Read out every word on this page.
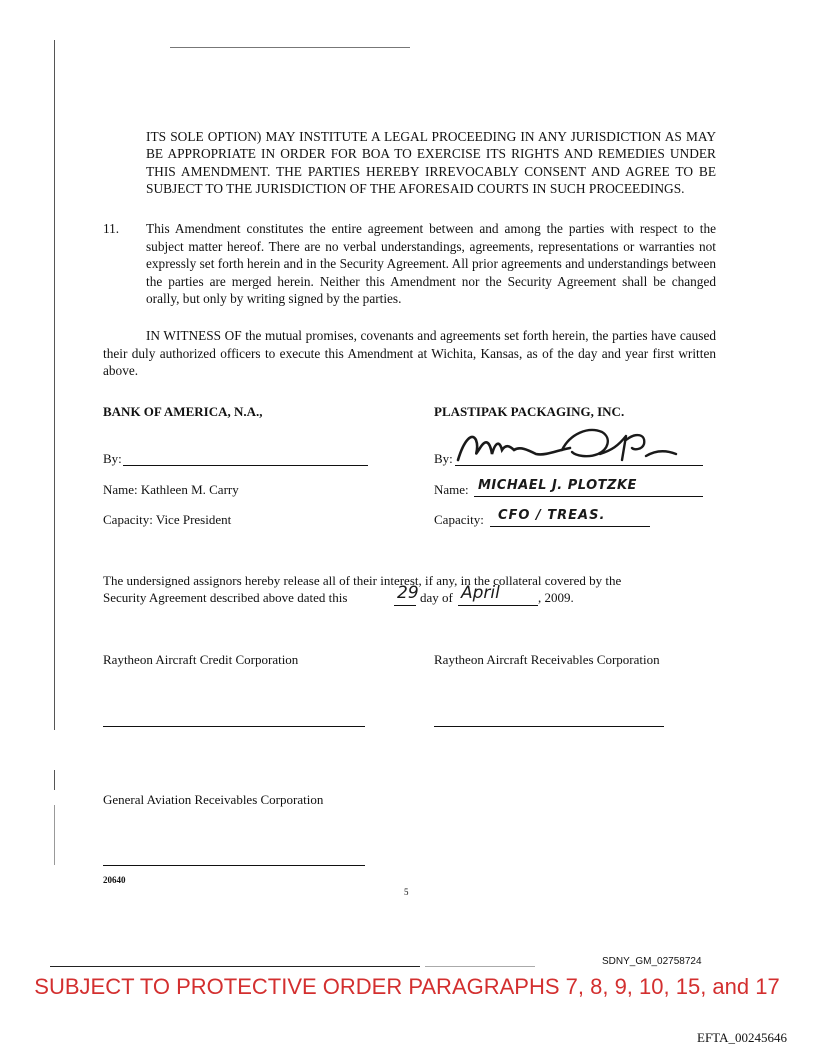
ITS SOLE OPTION) MAY INSTITUTE A LEGAL PROCEEDING IN ANY JURISDICTION AS MAY BE APPROPRIATE IN ORDER FOR BOA TO EXERCISE ITS RIGHTS AND REMEDIES UNDER THIS AMENDMENT. THE PARTIES HEREBY IRREVOCABLY CONSENT AND AGREE TO BE SUBJECT TO THE JURISDICTION OF THE AFORESAID COURTS IN SUCH PROCEEDINGS.
11. This Amendment constitutes the entire agreement between and among the parties with respect to the subject matter hereof. There are no verbal understandings, agreements, representations or warranties not expressly set forth herein and in the Security Agreement. All prior agreements and understandings between the parties are merged herein. Neither this Amendment nor the Security Agreement shall be changed orally, but only by writing signed by the parties.
IN WITNESS OF the mutual promises, covenants and agreements set forth herein, the parties have caused their duly authorized officers to execute this Amendment at Wichita, Kansas, as of the day and year first written above.
BANK OF AMERICA, N.A.,
By:
Name: Kathleen M. Carry
Capacity: Vice President
PLASTIPAK PACKAGING, INC.
By:
Name: MICHAEL J. PLOTZKE
Capacity: CFO / TREAS.
The undersigned assignors hereby release all of their interest, if any, in the collateral covered by the
Security Agreement described above dated this	29 day of April	, 2009.
Raytheon Aircraft Credit Corporation	Raytheon Aircraft Receivables Corporation
General Aviation Receivables Corporation
20640
5
SDNY_GM_02758724
SUBJECT TO PROTECTIVE ORDER PARAGRAPHS 7, 8, 9, 10, 15, and 17
EFTA_00245646
